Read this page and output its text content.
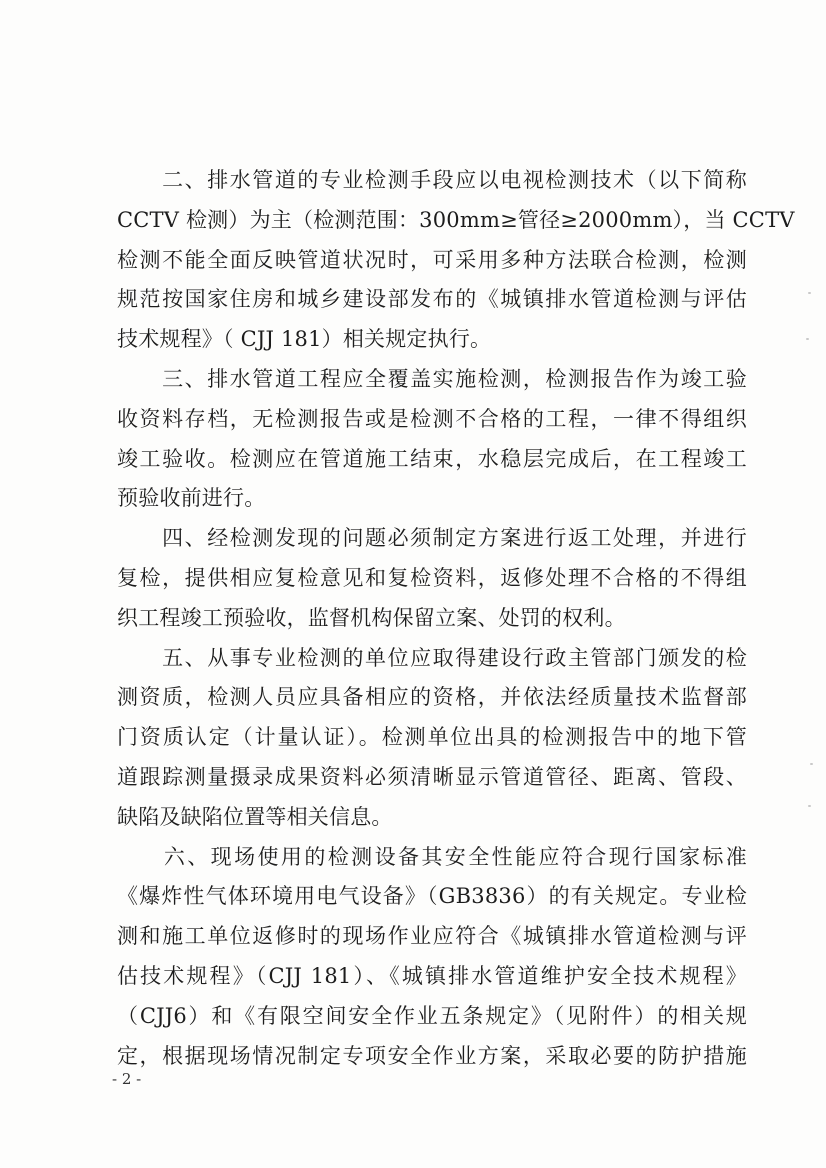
　　二、排水管道的专业检测手段应以电视检测技术（以下简称
CCTV 检测）为主（检测范围：300mm≥管径≥2000mm），当 CCTV
检测不能全面反映管道状况时，可采用多种方法联合检测，检测
规范按国家住房和城乡建设部发布的《城镇排水管道检测与评估
技术规程》（ CJJ 181）相关规定执行。
　　三、排水管道工程应全覆盖实施检测，检测报告作为竣工验
收资料存档，无检测报告或是检测不合格的工程，一律不得组织
竣工验收。检测应在管道施工结束，水稳层完成后，在工程竣工
预验收前进行。
　　四、经检测发现的问题必须制定方案进行返工处理，并进行
复检，提供相应复检意见和复检资料，返修处理不合格的不得组
织工程竣工预验收，监督机构保留立案、处罚的权利。
　　五、从事专业检测的单位应取得建设行政主管部门颁发的检
测资质，检测人员应具备相应的资格，并依法经质量技术监督部
门资质认定（计量认证）。检测单位出具的检测报告中的地下管
道跟踪测量摄录成果资料必须清晰显示管道管径、距离、管段、
缺陷及缺陷位置等相关信息。
　　六、现场使用的检测设备其安全性能应符合现行国家标准
《爆炸性气体环境用电气设备》（GB3836）的有关规定。专业检
测和施工单位返修时的现场作业应符合《城镇排水管道检测与评
估技术规程》（CJJ 181）、《城镇排水管道维护安全技术规程》
（CJJ6）和《有限空间安全作业五条规定》（见附件）的相关规
定，根据现场情况制定专项安全作业方案，采取必要的防护措施
- 2 -
